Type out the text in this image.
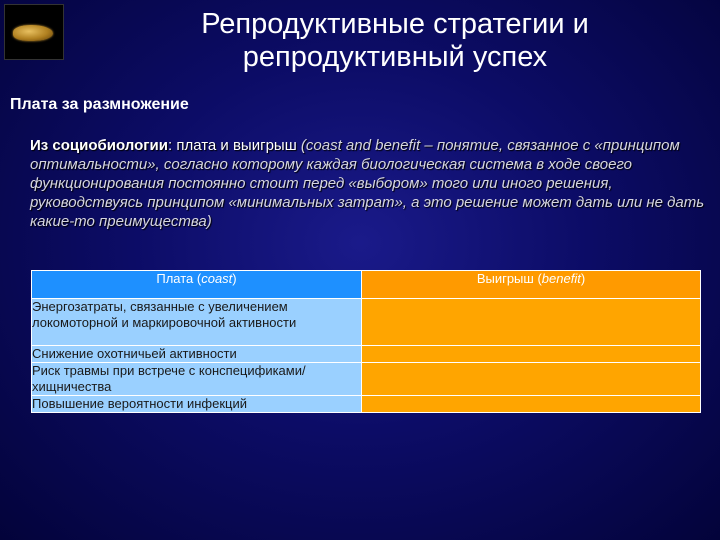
Репродуктивные стратегии и
репродуктивный успех
Плата за размножение
Из социобиологии: плата и выигрыш (coast and benefit – понятие, связанное с «принципом оптимальности», согласно которому каждая биологическая система в ходе своего функционирования постоянно стоит перед «выбором» того или иного решения, руководствуясь принципом «минимальных затрат», а это решение может дать или не дать какие-то преимущества)
Плата (coast)	Выигрыш (benefit)
Энергозатраты, связанные с увеличением локомоторной и маркировочной активности	
Снижение охотничьей активности	
Риск травмы при встрече с конспецификами/хищничества	
Повышение вероятности инфекций	
